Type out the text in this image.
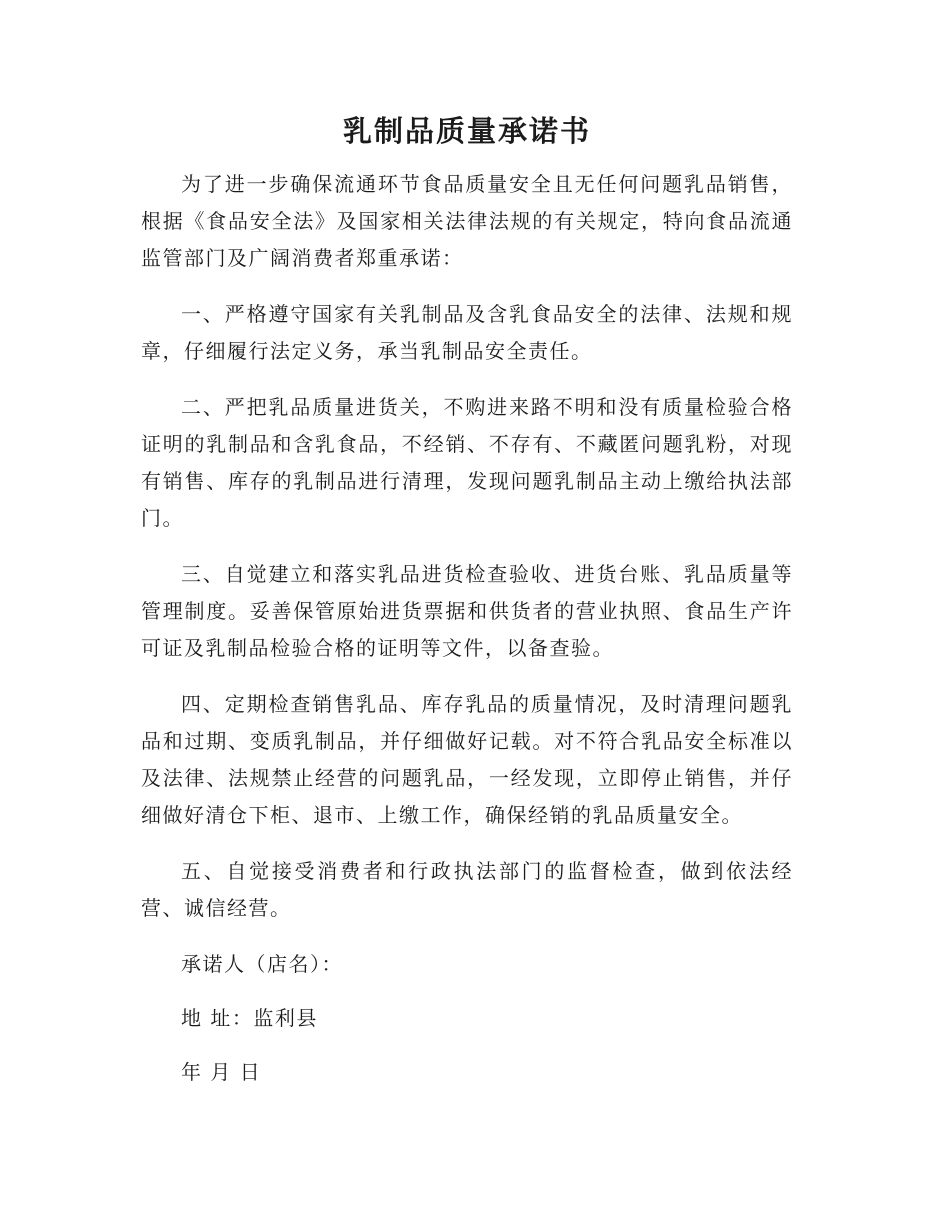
乳制品质量承诺书

为了进一步确保流通环节食品质量安全且无任何问题乳品销售，根据《食品安全法》及国家相关法律法规的有关规定，特向食品流通监管部门及广阔消费者郑重承诺：

一、严格遵守国家有关乳制品及含乳食品安全的法律、法规和规章，仔细履行法定义务，承当乳制品安全责任。

二、严把乳品质量进货关，不购进来路不明和没有质量检验合格证明的乳制品和含乳食品，不经销、不存有、不藏匿问题乳粉，对现有销售、库存的乳制品进行清理，发现问题乳制品主动上缴给执法部门。

三、自觉建立和落实乳品进货检查验收、进货台账、乳品质量等管理制度。妥善保管原始进货票据和供货者的营业执照、食品生产许可证及乳制品检验合格的证明等文件，以备查验。

四、定期检查销售乳品、库存乳品的质量情况，及时清理问题乳品和过期、变质乳制品，并仔细做好记载。对不符合乳品安全标准以及法律、法规禁止经营的问题乳品，一经发现，立即停止销售，并仔细做好清仓下柜、退市、上缴工作，确保经销的乳品质量安全。

五、自觉接受消费者和行政执法部门的监督检查，做到依法经营、诚信经营。

承诺人（店名）：

地 址：监利县

年 月 日
